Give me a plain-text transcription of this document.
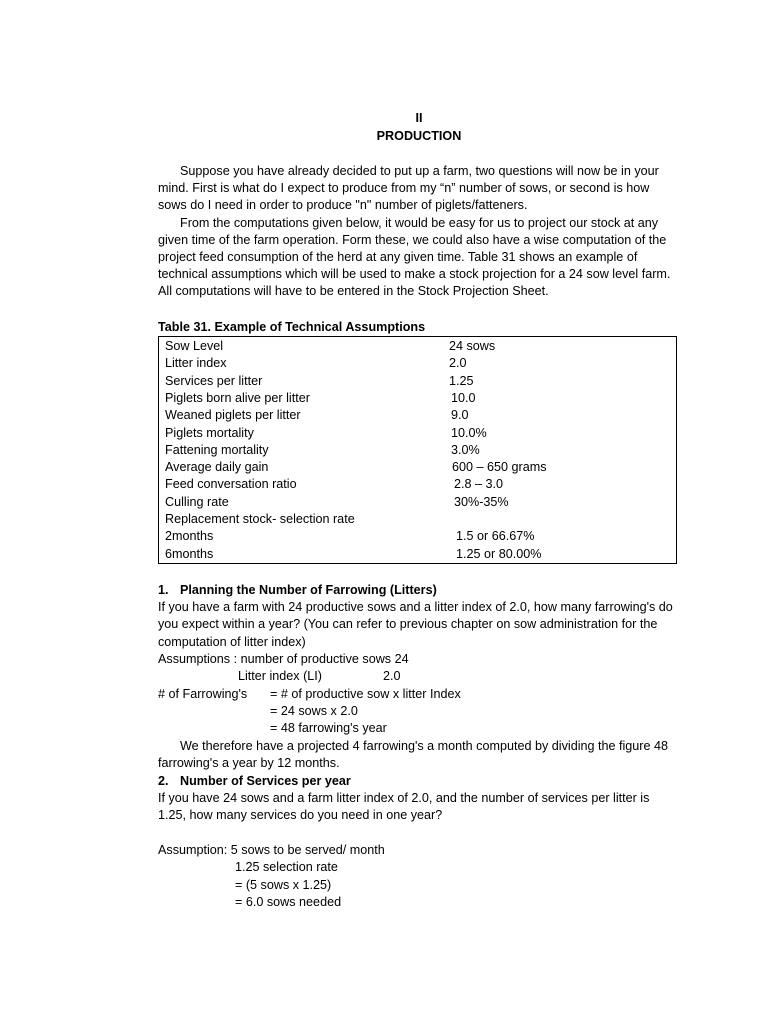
II
PRODUCTION

Suppose you have already decided to put up a farm, two questions will now be in your mind. First is what do I expect to produce from my “n” number of sows, or second is how sows do I need in order to produce "n" number of piglets/fatteners.

From the computations given below, it would be easy for us to project our stock at any given time of the farm operation. Form these, we could also have a wise computation of the project feed consumption of the herd at any given time. Table 31 shows an example of technical assumptions which will be used to make a stock projection for a 24 sow level farm. All computations will have to be entered in the Stock Projection Sheet.

Table 31. Example of Technical Assumptions
Sow Level	24 sows
Litter index	2.0
Services per litter	1.25
Piglets born alive per litter	10.0
Weaned piglets per litter	9.0
Piglets mortality	10.0%
Fattening mortality	3.0%
Average daily gain	600 – 650 grams
Feed conversation ratio	2.8 – 3.0
Culling rate	30%-35%
Replacement stock- selection rate
2months	1.5 or 66.67%
6months	1.25 or 80.00%
1. Planning the Number of Farrowing (Litters)
If you have a farm with 24 productive sows and a litter index of 2.0, how many farrowing's do you expect within a year? (You can refer to previous chapter on sow administration for the computation of litter index)
Assumptions : number of productive sows 24
Litter index (LI)	2.0
# of Farrowing's = # of productive sow x litter Index
= 24 sows x 2.0
= 48 farrowing's year

We therefore have a projected 4 farrowing's a month computed by dividing the figure 48 farrowing's a year by 12 months.

2. Number of Services per year
If you have 24 sows and a farm litter index of 2.0, and the number of services per litter is 1.25, how many services do you need in one year?
Assumption: 5 sows to be served/ month
1.25 selection rate
= (5 sows x 1.25)
= 6.0 sows needed
